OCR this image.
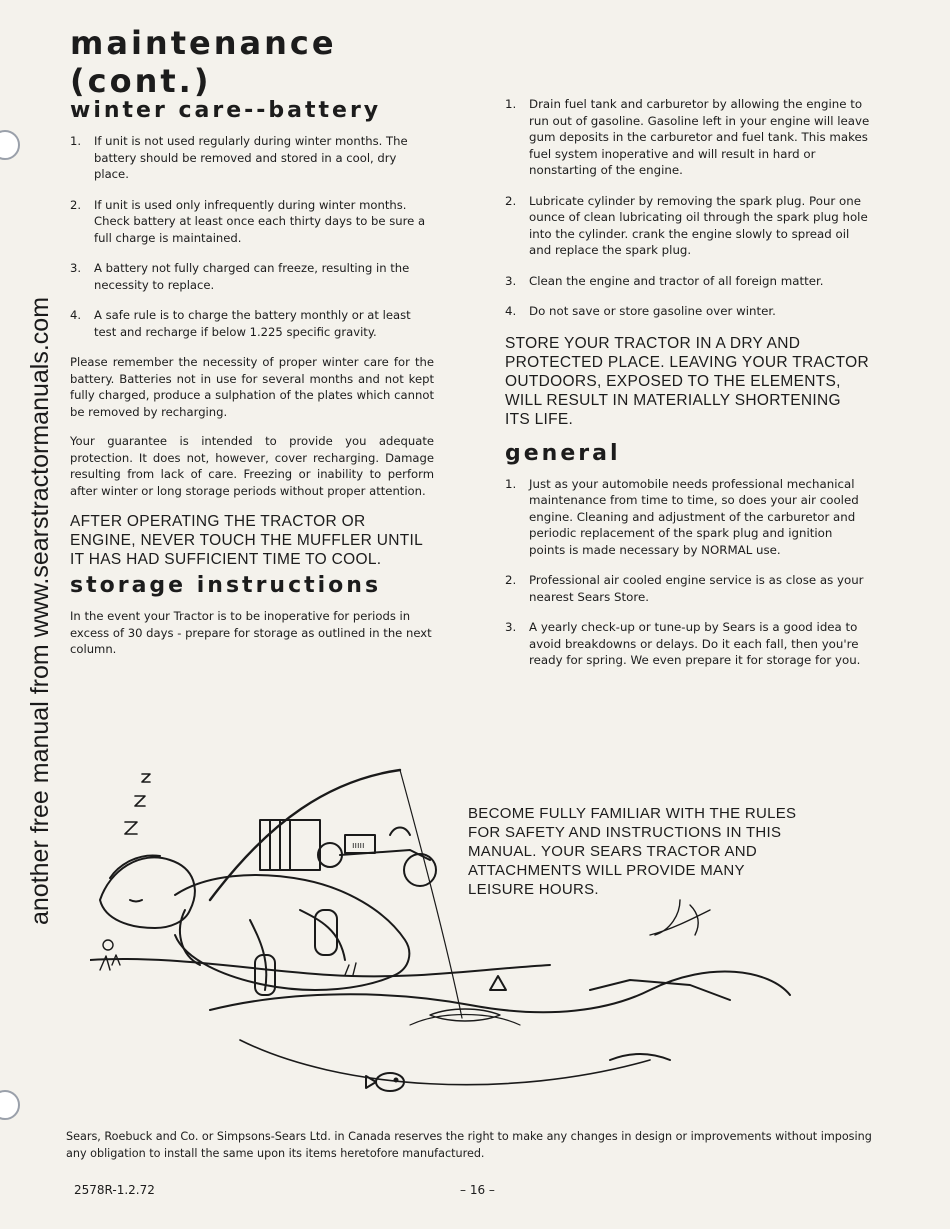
another free manual from www.searstractormanuals.com
maintenance (cont.)
winter care--battery
1. If unit is not used regularly during winter months. The battery should be removed and stored in a cool, dry place.
2. If unit is used only infrequently during winter months. Check battery at least once each thirty days to be sure a full charge is maintained.
3. A battery not fully charged can freeze, resulting in the necessity to replace.
4. A safe rule is to charge the battery monthly or at least test and recharge if below 1.225 specific gravity.

Please remember the necessity of proper winter care for the battery. Batteries not in use for several months and not kept fully charged, produce a sulphation of the plates which cannot be removed by recharging.

Your guarantee is intended to provide you adequate protection. It does not, however, cover recharging. Damage resulting from lack of care. Freezing or inability to perform after winter or long storage periods without proper attention.

AFTER OPERATING THE TRACTOR OR ENGINE, NEVER TOUCH THE MUFFLER UNTIL IT HAS HAD SUFFICIENT TIME TO COOL.
storage instructions

In the event your Tractor is to be inoperative for periods in excess of 30 days - prepare for storage as outlined in the next column.

1. Drain fuel tank and carburetor by allowing the engine to run out of gasoline. Gasoline left in your engine will leave gum deposits in the carburetor and fuel tank. This makes fuel system inoperative and will result in hard or nonstarting of the engine.
2. Lubricate cylinder by removing the spark plug. Pour one ounce of clean lubricating oil through the spark plug hole into the cylinder. crank the engine slowly to spread oil and replace the spark plug.
3. Clean the engine and tractor of all foreign matter.
4. Do not save or store gasoline over winter.
STORE YOUR TRACTOR IN A DRY AND PROTECTED PLACE. LEAVING YOUR TRACTOR OUTDOORS, EXPOSED TO THE ELEMENTS, WILL RESULT IN MATERIALLY SHORTENING ITS LIFE.
general
1. Just as your automobile needs professional mechanical maintenance from time to time, so does your air cooled engine. Cleaning and adjustment of the carburetor and periodic replacement of the spark plug and ignition points is made necessary by NORMAL use.
2. Professional air cooled engine service is as close as your nearest Sears Store.
3. A yearly check-up or tune-up by Sears is a good idea to avoid breakdowns or delays. Do it each fall, then you're ready for spring. We even prepare it for storage for you.
BECOME FULLY FAMILIAR WITH THE RULES FOR SAFETY AND INSTRUCTIONS IN THIS MANUAL. YOUR SEARS TRACTOR AND ATTACHMENTS WILL PROVIDE MANY LEISURE HOURS.
ııııı
Sears, Roebuck and Co. or Simpsons-Sears Ltd. in Canada reserves the right to make any changes in design or improvements without imposing any obligation to install the same upon its items heretofore manufactured.
2578R-1.2.72	– 16 –
